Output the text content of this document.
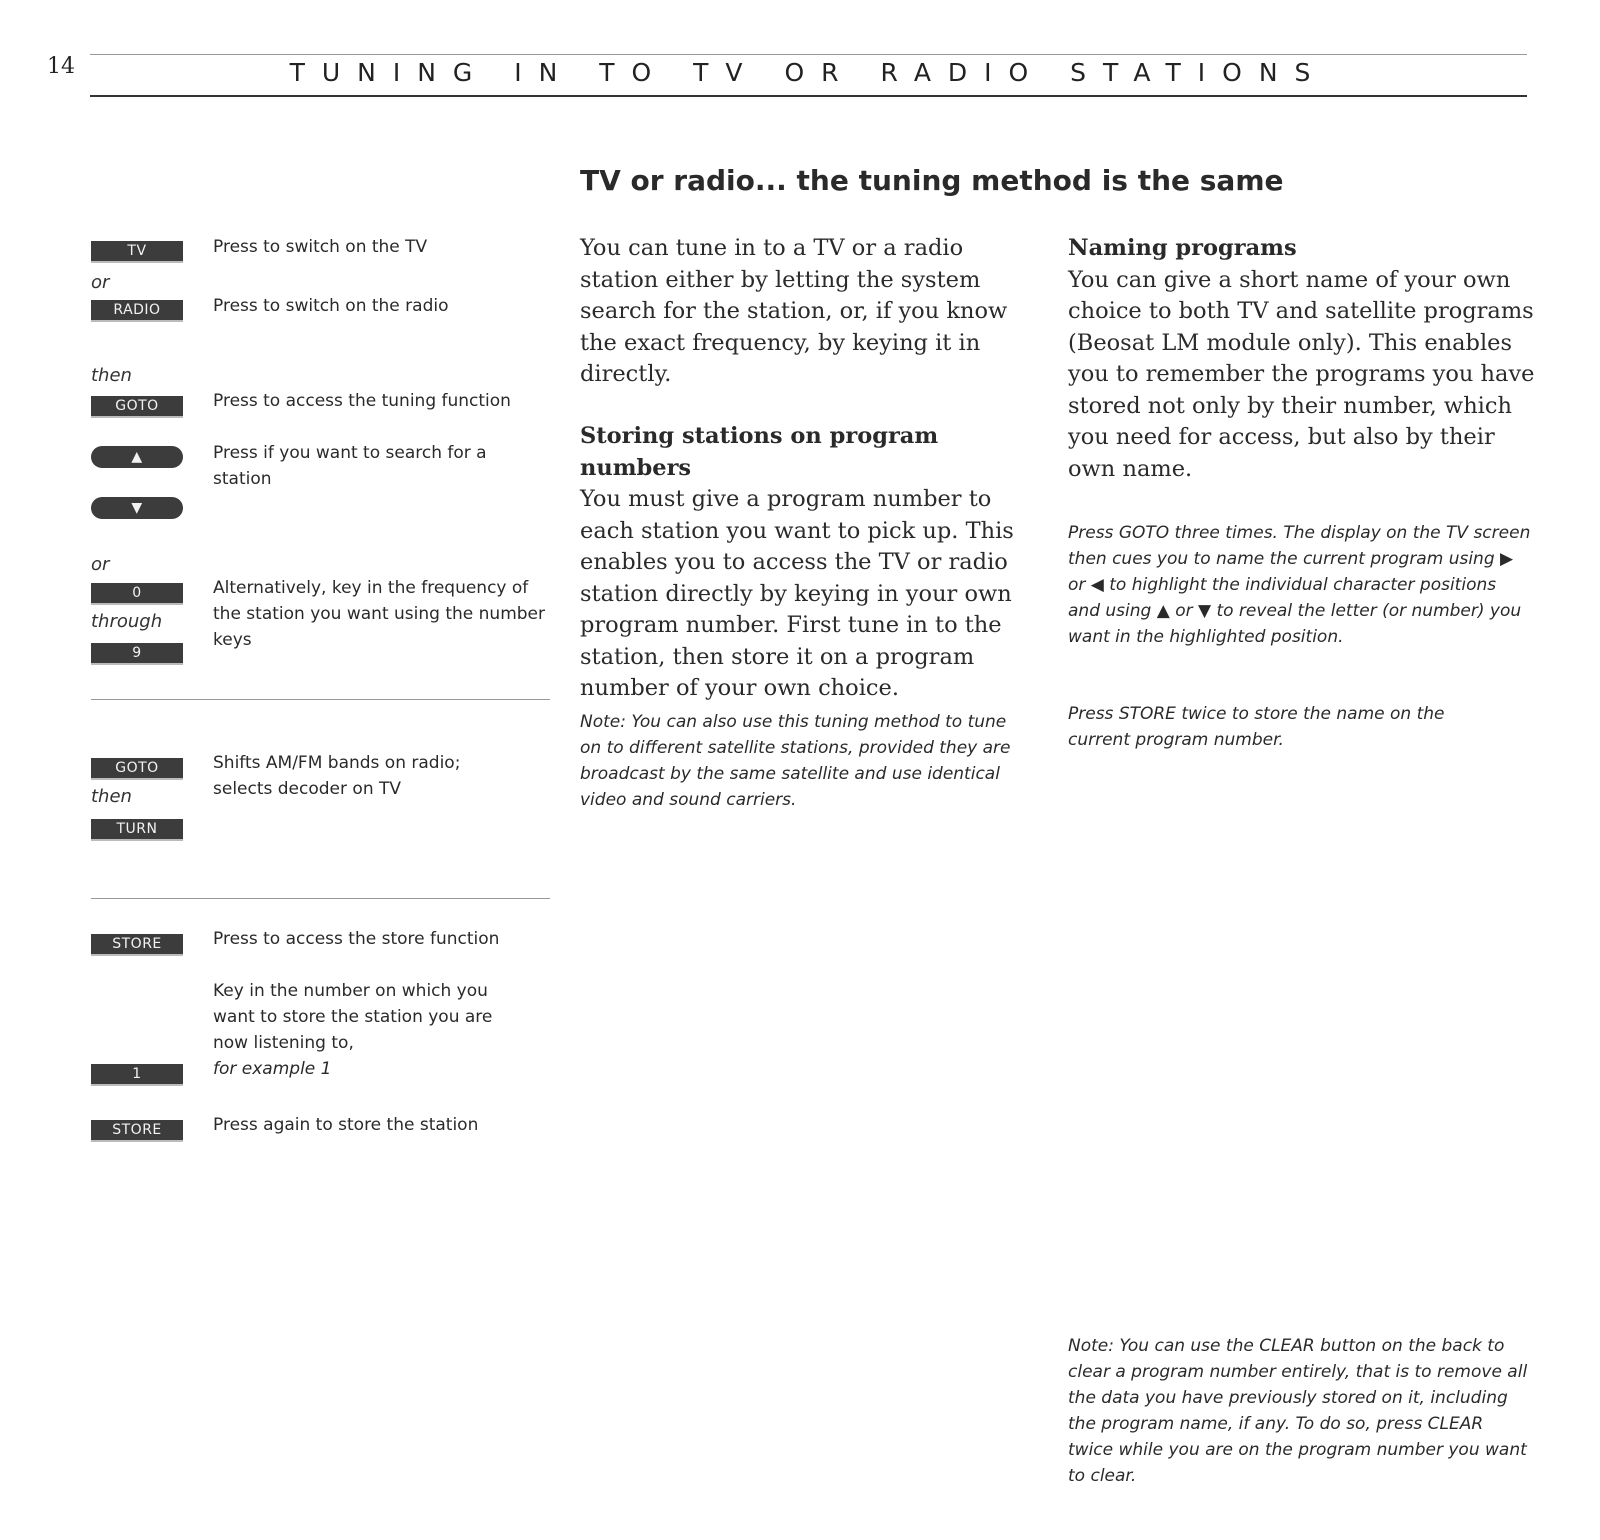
14	TUNING IN TO TV OR RADIO STATIONS
TV or radio... the tuning method is the same
TV	Press to switch on the TV
or
RADIO	Press to switch on the radio
then
GOTO	Press to access the tuning function
▲	Press if you want to search for a station
▼
or
0	Alternatively, key in the frequency of the station you want using the number keys
through
9
GOTO	Shifts AM/FM bands on radio; selects decoder on TV
then
TURN
STORE	Press to access the store function
Key in the number on which you want to store the station you are now listening to,
for example 1
1
STORE	Press again to store the station
You can tune in to a TV or a radio station either by letting the system search for the station, or, if you know the exact frequency, by keying it in directly.
Storing stations on program numbers
You must give a program number to each station you want to pick up. This enables you to access the TV or radio station directly by keying in your own program number. First tune in to the station, then store it on a program number of your own choice.
Note: You can also use this tuning method to tune on to different satellite stations, provided they are broadcast by the same satellite and use identical video and sound carriers.
Naming programs
You can give a short name of your own choice to both TV and satellite programs (Beosat LM module only). This enables you to remember the programs you have stored not only by their number, which you need for access, but also by their own name.
Press GOTO three times. The display on the TV screen then cues you to name the current program using ▶ or ◀ to highlight the individual character positions and using ▲ or ▼ to reveal the letter (or number) you want in the highlighted position.
Press STORE twice to store the name on the current program number.
Note: You can use the CLEAR button on the back to clear a program number entirely, that is to remove all the data you have previously stored on it, including the program name, if any. To do so, press CLEAR twice while you are on the program number you want to clear.
